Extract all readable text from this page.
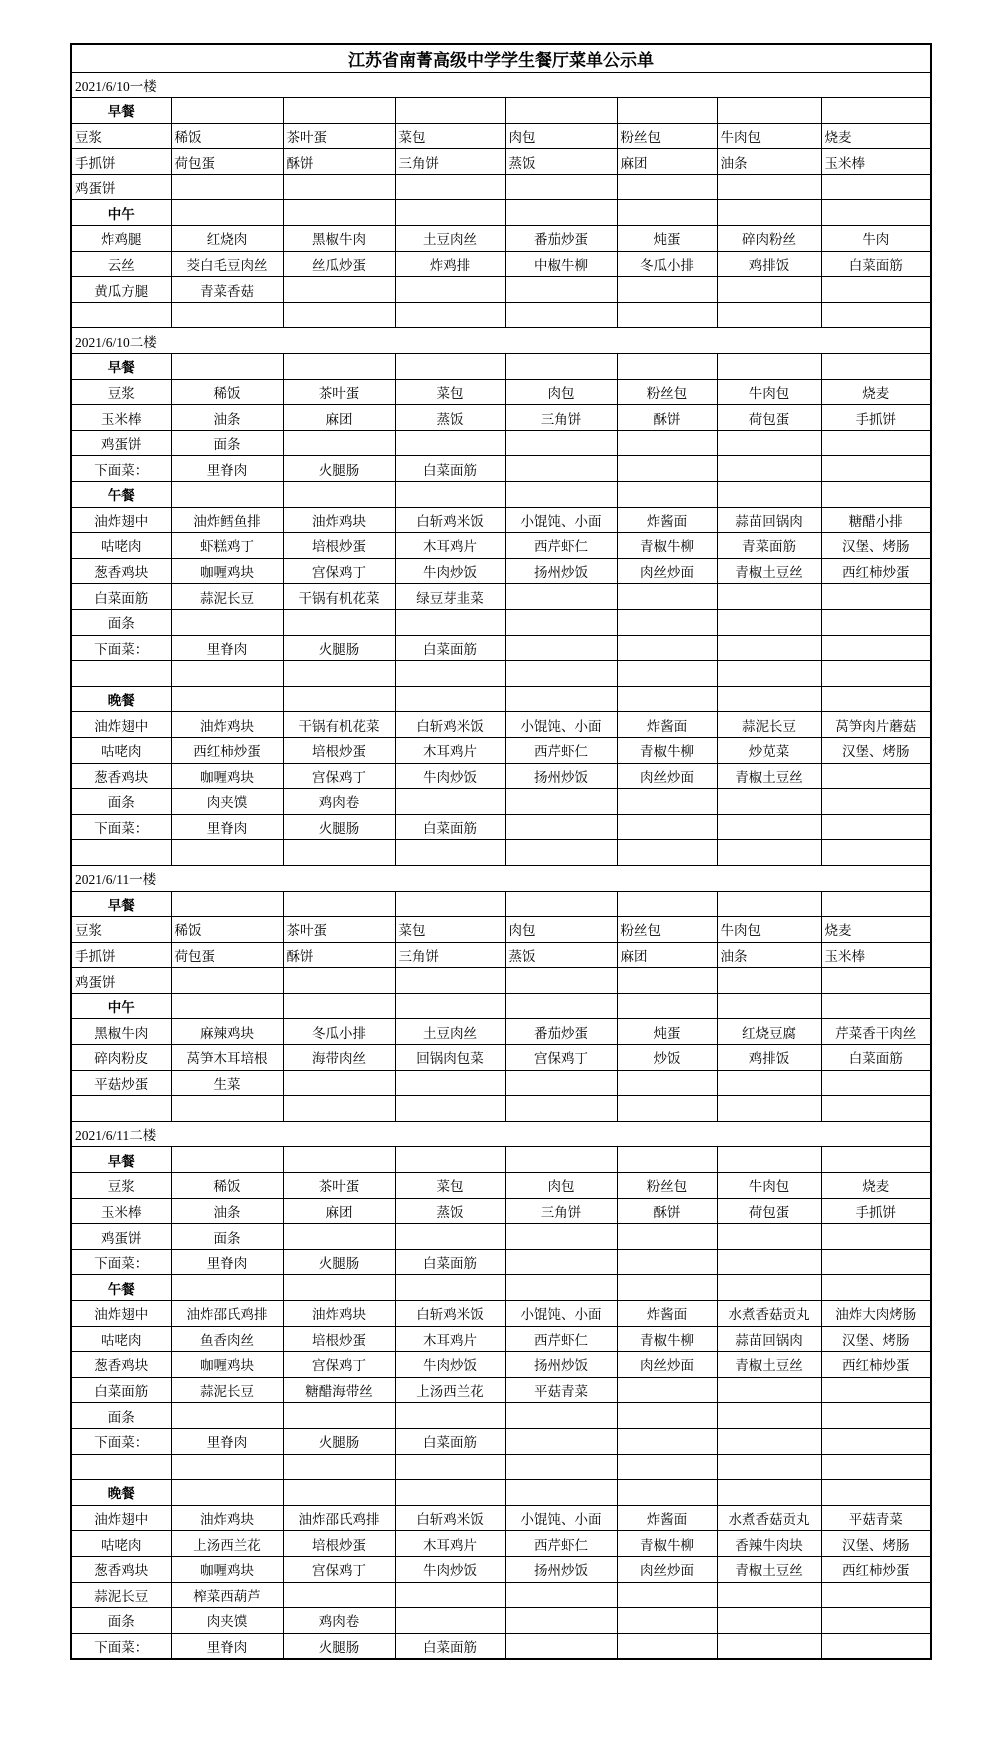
江苏省南菁高级中学学生餐厅菜单公示单							
2021/6/10一楼							
早餐							
豆浆	稀饭	茶叶蛋	菜包	肉包	粉丝包	牛肉包	烧麦
手抓饼	荷包蛋	酥饼	三角饼	蒸饭	麻团	油条	玉米棒
鸡蛋饼							
中午							
炸鸡腿	红烧肉	黑椒牛肉	土豆肉丝	番茄炒蛋	炖蛋	碎肉粉丝	牛肉
云丝	茭白毛豆肉丝	丝瓜炒蛋	炸鸡排	中椒牛柳	冬瓜小排	鸡排饭	白菜面筋
黄瓜方腿	青菜香菇						

2021/6/10二楼							
早餐							
豆浆	稀饭	茶叶蛋	菜包	肉包	粉丝包	牛肉包	烧麦
玉米棒	油条	麻团	蒸饭	三角饼	酥饼	荷包蛋	手抓饼
鸡蛋饼	面条						
下面菜：	里脊肉	火腿肠	白菜面筋				
午餐							
油炸翅中	油炸鳕鱼排	油炸鸡块	白斩鸡米饭	小馄饨、小面	炸酱面	蒜苗回锅肉	糖醋小排
咕咾肉	虾糕鸡丁	培根炒蛋	木耳鸡片	西芹虾仁	青椒牛柳	青菜面筋	汉堡、烤肠
葱香鸡块	咖喱鸡块	宫保鸡丁	牛肉炒饭	扬州炒饭	肉丝炒面	青椒土豆丝	西红柿炒蛋
白菜面筋	蒜泥长豆	干锅有机花菜	绿豆芽韭菜				
面条							
下面菜：	里脊肉	火腿肠	白菜面筋				

晚餐							
油炸翅中	油炸鸡块	干锅有机花菜	白斩鸡米饭	小馄饨、小面	炸酱面	蒜泥长豆	莴笋肉片蘑菇
咕咾肉	西红柿炒蛋	培根炒蛋	木耳鸡片	西芹虾仁	青椒牛柳	炒苋菜	汉堡、烤肠
葱香鸡块	咖喱鸡块	宫保鸡丁	牛肉炒饭	扬州炒饭	肉丝炒面	青椒土豆丝	
面条	肉夹馍	鸡肉卷					
下面菜：	里脊肉	火腿肠	白菜面筋				

2021/6/11一楼							
早餐							
豆浆	稀饭	茶叶蛋	菜包	肉包	粉丝包	牛肉包	烧麦
手抓饼	荷包蛋	酥饼	三角饼	蒸饭	麻团	油条	玉米棒
鸡蛋饼							
中午							
黑椒牛肉	麻辣鸡块	冬瓜小排	土豆肉丝	番茄炒蛋	炖蛋	红烧豆腐	芹菜香干肉丝
碎肉粉皮	莴笋木耳培根	海带肉丝	回锅肉包菜	宫保鸡丁	炒饭	鸡排饭	白菜面筋
平菇炒蛋	生菜						

2021/6/11二楼							
早餐							
豆浆	稀饭	茶叶蛋	菜包	肉包	粉丝包	牛肉包	烧麦
玉米棒	油条	麻团	蒸饭	三角饼	酥饼	荷包蛋	手抓饼
鸡蛋饼	面条						
下面菜：	里脊肉	火腿肠	白菜面筋				
午餐							
油炸翅中	油炸邵氏鸡排	油炸鸡块	白斩鸡米饭	小馄饨、小面	炸酱面	水煮香菇贡丸	油炸大肉烤肠
咕咾肉	鱼香肉丝	培根炒蛋	木耳鸡片	西芹虾仁	青椒牛柳	蒜苗回锅肉	汉堡、烤肠
葱香鸡块	咖喱鸡块	宫保鸡丁	牛肉炒饭	扬州炒饭	肉丝炒面	青椒土豆丝	西红柿炒蛋
白菜面筋	蒜泥长豆	糖醋海带丝	上汤西兰花	平菇青菜			
面条							
下面菜：	里脊肉	火腿肠	白菜面筋				

晚餐							
油炸翅中	油炸鸡块	油炸邵氏鸡排	白斩鸡米饭	小馄饨、小面	炸酱面	水煮香菇贡丸	平菇青菜
咕咾肉	上汤西兰花	培根炒蛋	木耳鸡片	西芹虾仁	青椒牛柳	香辣牛肉块	汉堡、烤肠
葱香鸡块	咖喱鸡块	宫保鸡丁	牛肉炒饭	扬州炒饭	肉丝炒面	青椒土豆丝	西红柿炒蛋
蒜泥长豆	榨菜西葫芦						
面条	肉夹馍	鸡肉卷					
下面菜：	里脊肉	火腿肠	白菜面筋				
